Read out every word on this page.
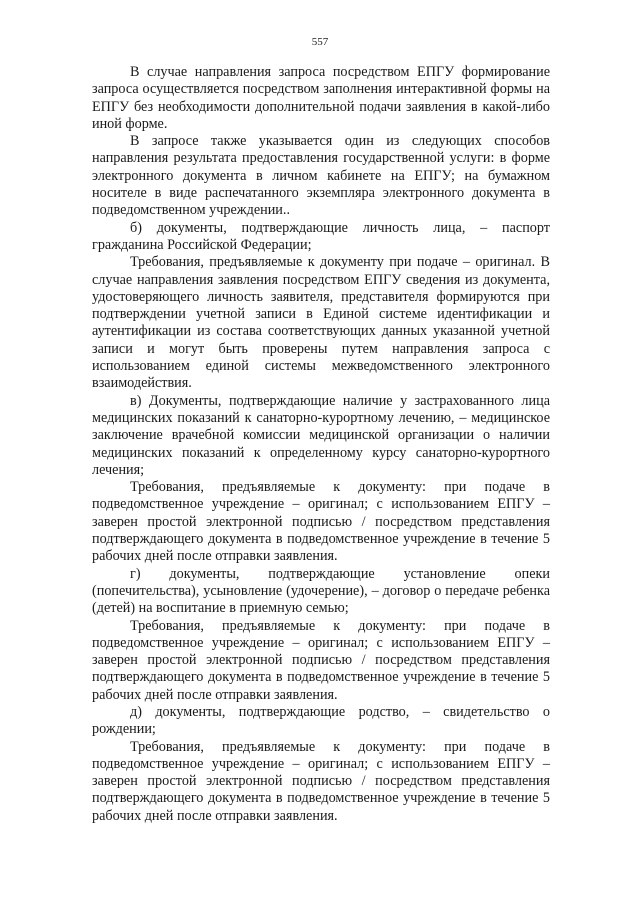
557

В случае направления запроса посредством ЕПГУ формирование запроса осуществляется посредством заполнения интерактивной формы на ЕПГУ без необходимости дополнительной подачи заявления в какой-либо иной форме.

В запросе также указывается один из следующих способов направления результата предоставления государственной услуги: в форме электронного документа в личном кабинете на ЕПГУ; на бумажном носителе в виде распечатанного экземпляра электронного документа в подведомственном учреждении..

б) документы, подтверждающие личность лица, – паспорт гражданина Российской Федерации;

Требования, предъявляемые к документу при подаче – оригинал. В случае направления заявления посредством ЕПГУ сведения из документа, удостоверяющего личность заявителя, представителя формируются при подтверждении учетной записи в Единой системе идентификации и аутентификации из состава соответствующих данных указанной учетной записи и могут быть проверены путем направления запроса с использованием единой системы межведомственного электронного взаимодействия.

в) Документы, подтверждающие наличие у застрахованного лица медицинских показаний к санаторно-курортному лечению, – медицинское заключение врачебной комиссии медицинской организации о наличии медицинских показаний к определенному курсу санаторно-курортного лечения;

Требования, предъявляемые к документу: при подаче в подведомственное учреждение – оригинал; с использованием ЕПГУ – заверен простой электронной подписью / посредством представления подтверждающего документа в подведомственное учреждение в течение 5 рабочих дней после отправки заявления.

г) документы, подтверждающие установление опеки (попечительства), усыновление (удочерение), – договор о передаче ребенка (детей) на воспитание в приемную семью;

Требования, предъявляемые к документу: при подаче в подведомственное учреждение – оригинал; с использованием ЕПГУ – заверен простой электронной подписью / посредством представления подтверждающего документа в подведомственное учреждение в течение 5 рабочих дней после отправки заявления.

д) документы, подтверждающие родство, – свидетельство о рождении;

Требования, предъявляемые к документу: при подаче в подведомственное учреждение – оригинал; с использованием ЕПГУ – заверен простой электронной подписью / посредством представления подтверждающего документа в подведомственное учреждение в течение 5 рабочих дней после отправки заявления.
